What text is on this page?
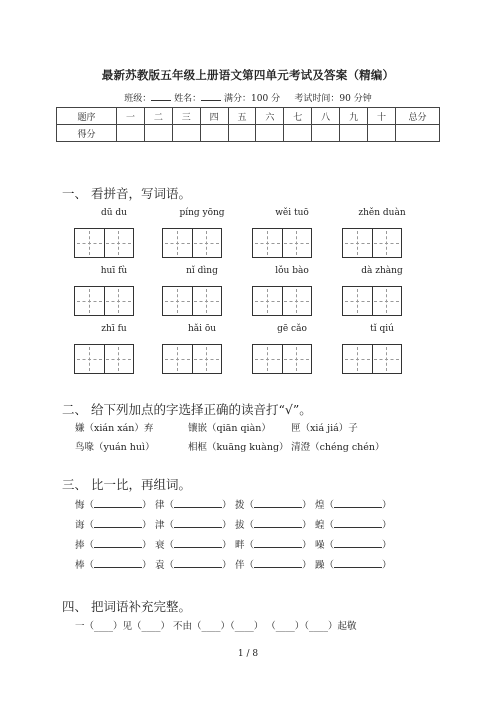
最新苏教版五年级上册语文第四单元考试及答案（精编）
班级：	姓名：	满分：100 分 考试时间：90 分钟
题序	一	二	三	四	五	六	七	八	九	十	总分
得分											
一、 看拼音，写词语。
dū du	píng yōng	wěi tuō	zhěn duàn
huī fù	nǐ dìng	lǒu bào	dà zhàng
zhī fu	hǎi ōu	gē cǎo	tǐ qiú
二、 给下列加点的字选择正确的读音打“√”。
嫌（xián xán）弃	镶嵌（qiān qiàn） 匣（xiá jiá）子
鸟喙（yuán huì）	相框（kuāng kuàng） 清澄（chéng chén）
三、 比一比，再组词。
悔（	） 律（	） 拨（	） 煌（	）
诲（	） 津（	） 拔（	） 蝗（	）
捧（	） 衰（	） 畔（	） 噪（	）
棒（	） 袁（	） 伴（	） 躁（	）
四、 把词语补充完整。
一（____）见（____） 不由（____）（____） （____）（____）起敬
1 / 8
